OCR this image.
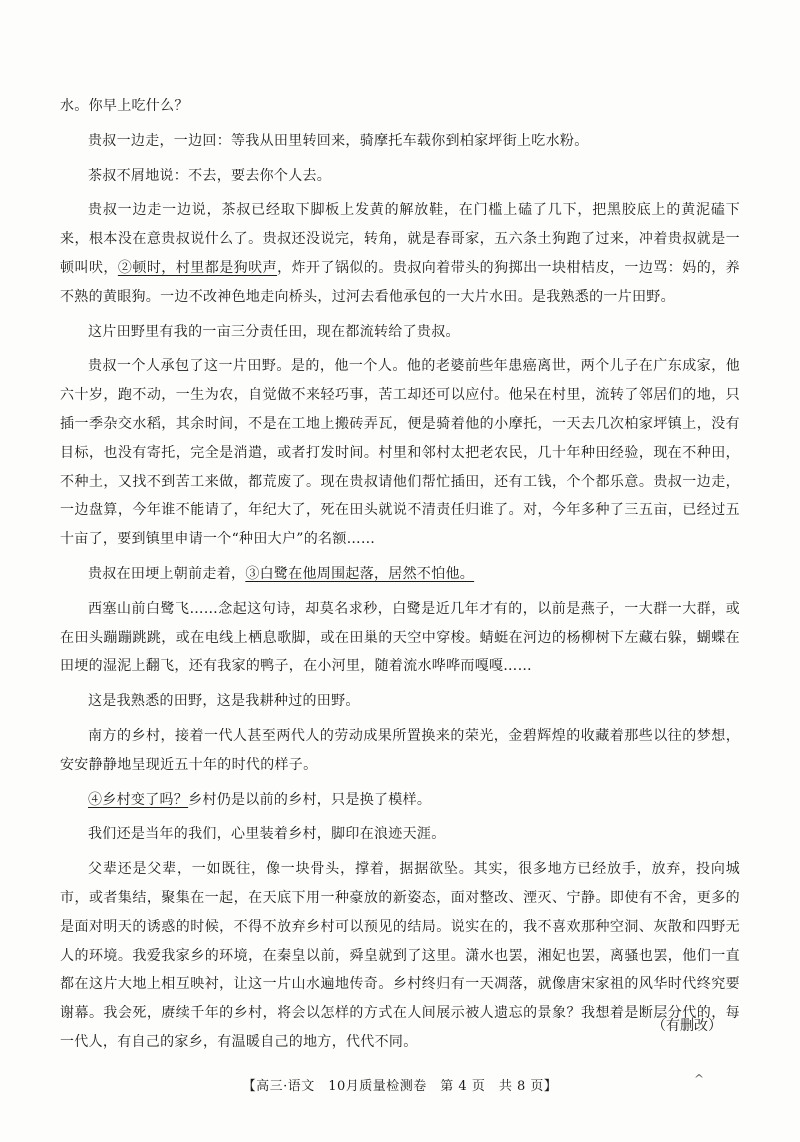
水。你早上吃什么？

贵叔一边走，一边回：等我从田里转回来，骑摩托车载你到柏家坪街上吃水粉。

茶叔不屑地说：不去，要去你个人去。

贵叔一边走一边说，茶叔已经取下脚板上发黄的解放鞋，在门槛上磕了几下，把黑胶底上的黄泥磕下来，根本没在意贵叔说什么了。贵叔还没说完，转角，就是春哥家，五六条土狗跑了过来，冲着贵叔就是一顿叫吠，②顿时，村里都是狗吠声，炸开了锅似的。贵叔向着带头的狗掷出一块柑桔皮，一边骂：妈的，养不熟的黄眼狗。一边不改神色地走向桥头，过河去看他承包的一大片水田。是我熟悉的一片田野。

这片田野里有我的一亩三分责任田，现在都流转给了贵叔。

贵叔一个人承包了这一片田野。是的，他一个人。他的老婆前些年患癌离世，两个儿子在广东成家，他六十岁，跑不动，一生为农，自觉做不来轻巧事，苦工却还可以应付。他呆在村里，流转了邻居们的地，只插一季杂交水稻，其余时间，不是在工地上搬砖弄瓦，便是骑着他的小摩托，一天去几次柏家坪镇上，没有目标，也没有寄托，完全是消遣，或者打发时间。村里和邻村太把老农民，几十年种田经验，现在不种田，不种土，又找不到苦工来做，都荒废了。现在贵叔请他们帮忙插田，还有工钱，个个都乐意。贵叔一边走，一边盘算，今年谁不能请了，年纪大了，死在田头就说不清责任归谁了。对，今年多种了三五亩，已经过五十亩了，要到镇里申请一个“种田大户”的名额……

贵叔在田埂上朝前走着，③白鹭在他周围起落，居然不怕他。

西塞山前白鹭飞……念起这句诗，却莫名求秒，白鹭是近几年才有的，以前是燕子，一大群一大群，或在田头蹦蹦跳跳，或在电线上栖息歌脚，或在田巢的天空中穿梭。蜻蜓在河边的杨柳树下左藏右躲，蝴蝶在田埂的湿泥上翻飞，还有我家的鸭子，在小河里，随着流水哗哗而嘎嘎……

这是我熟悉的田野，这是我耕种过的田野。

南方的乡村，接着一代人甚至两代人的劳动成果所置换来的荣光，金碧辉煌的收藏着那些以往的梦想，安安静静地呈现近五十年的时代的样子。

④乡村变了吗？乡村仍是以前的乡村，只是换了模样。

我们还是当年的我们，心里装着乡村，脚印在浪迹天涯。

父辈还是父辈，一如既往，像一块骨头，撑着，据据欲坠。其实，很多地方已经放手，放弃，投向城市，或者集结，聚集在一起，在天底下用一种豪放的新姿态，面对整改、湮灭、宁静。即使有不舍，更多的是面对明天的诱惑的时候，不得不放弃乡村可以预见的结局。说实在的，我不喜欢那种空洞、灰散和四野无人的环境。我爱我家乡的环境，在秦皇以前，舜皇就到了这里。潇水也罢，湘妃也罢，离骚也罢，他们一直都在这片大地上相互映衬，让这一片山水遍地传奇。乡村终归有一天凋落，就像唐宋家祖的风华时代终究要谢幕。我会死，赓续千年的乡村，将会以怎样的方式在人间展示被人遗忘的景象？我想着是断层分代的，每一代人，有自己的家乡，有温暖自己的地方，代代不同。

（有删改）
【高三·语文　10月质量检测卷　第 4 页　共 8 页】	^
